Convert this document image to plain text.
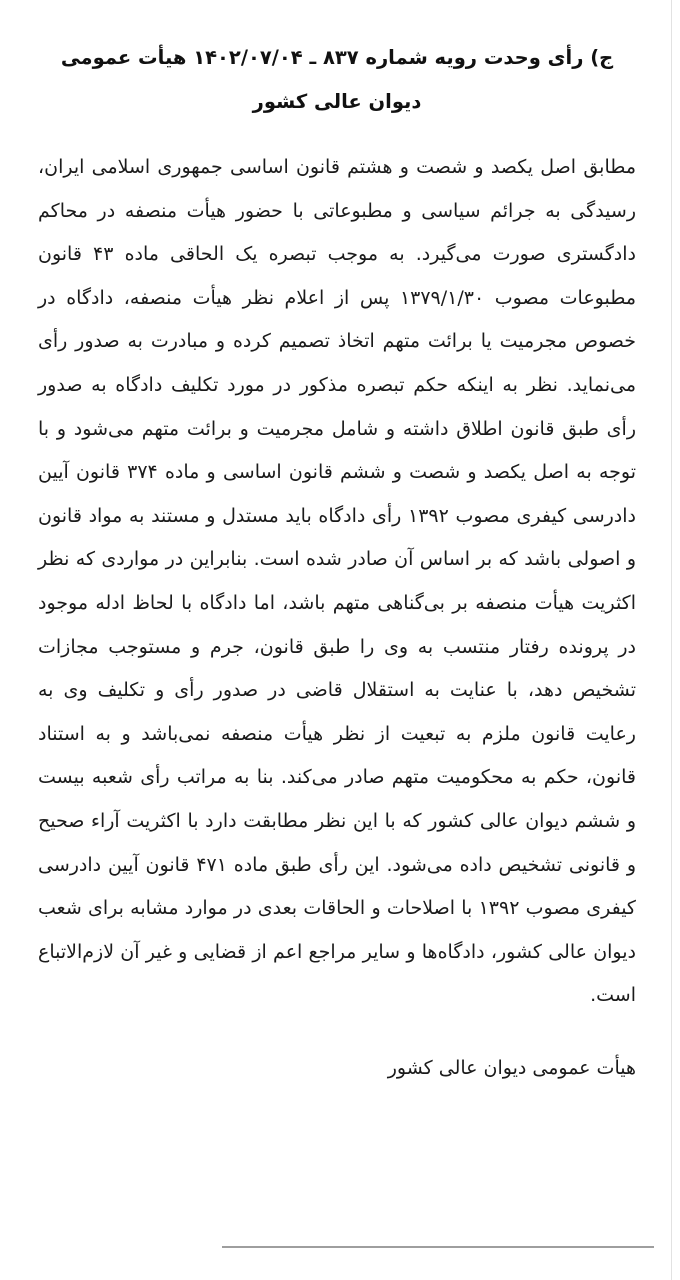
ج) رأی وحدت رویه شماره ۸۳۷ ـ ۱۴۰۲/۰۷/۰۴ هیأت عمومی دیوان عالی کشور

مطابق اصل یکصد و شصت و هشتم قانون اساسی جمهوری اسلامی ایران، رسیدگی به جرائم سیاسی و مطبوعاتی با حضور هیأت منصفه در محاکم دادگستری صورت می‌گیرد. به موجب تبصره یک الحاقی ماده ۴۳ قانون مطبوعات مصوب ۱۳۷۹/۱/۳۰ پس از اعلام نظر هیأت منصفه، دادگاه در خصوص مجرمیت یا برائت متهم اتخاذ تصمیم کرده و مبادرت به صدور رأی می‌نماید. نظر به اینکه حکم تبصره مذکور در مورد تکلیف دادگاه به صدور رأی طبق قانون اطلاق داشته و شامل مجرمیت و برائت متهم می‌شود و با توجه به اصل یکصد و شصت و ششم قانون اساسی و ماده ۳۷۴ قانون آیین دادرسی کیفری مصوب ۱۳۹۲ رأی دادگاه باید مستدل و مستند به مواد قانون و اصولی باشد که بر اساس آن صادر شده است. بنابراین در مواردی که نظر اکثریت هیأت منصفه بر بی‌گناهی متهم باشد، اما دادگاه با لحاظ ادله موجود در پرونده رفتار منتسب به وی را طبق قانون، جرم و مستوجب مجازات تشخیص دهد، با عنایت به استقلال قاضی در صدور رأی و تکلیف وی به رعایت قانون ملزم به تبعیت از نظر هیأت منصفه نمی‌باشد و به استناد قانون، حکم به محکومیت متهم صادر می‌کند. بنا به مراتب رأی شعبه بیست و ششم دیوان عالی کشور که با این نظر مطابقت دارد با اکثریت آراء صحیح و قانونی تشخیص داده می‌شود. این رأی طبق ماده ۴۷۱ قانون آیین دادرسی کیفری مصوب ۱۳۹۲ با اصلاحات و الحاقات بعدی در موارد مشابه برای شعب دیوان عالی کشور، دادگاه‌ها و سایر مراجع اعم از قضایی و غیر آن لازم‌الاتباع است.

هیأت عمومی دیوان عالی کشور
